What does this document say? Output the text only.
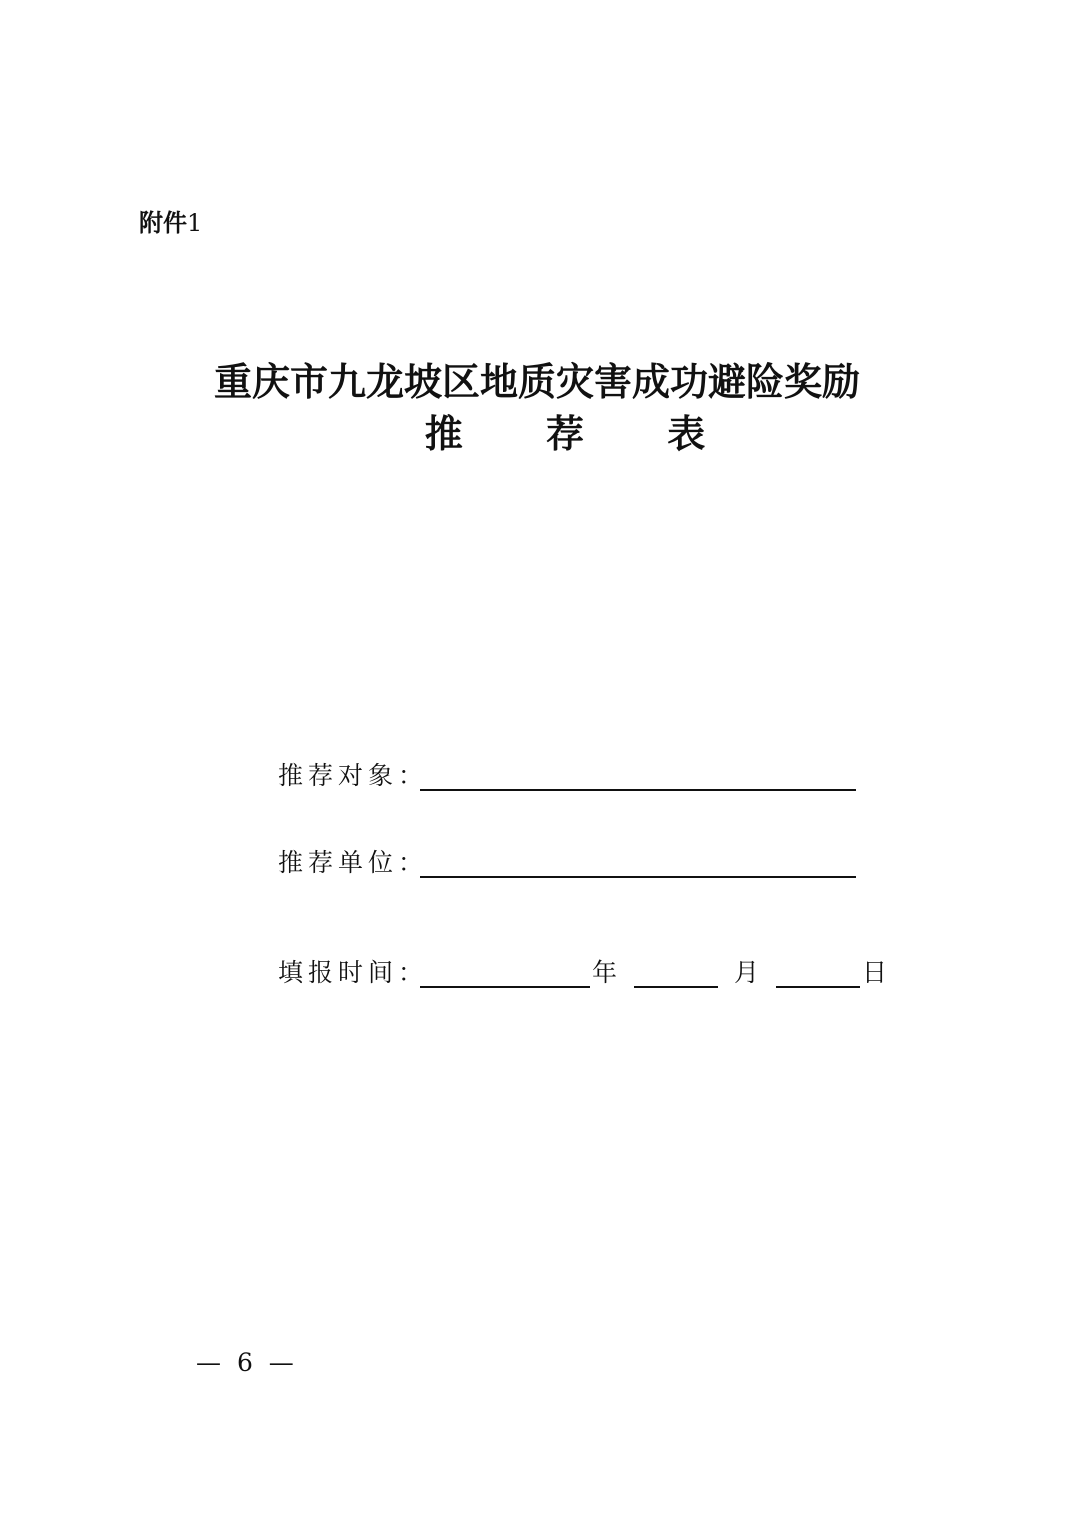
附件1
重庆市九龙坡区地质灾害成功避险奖励
推 荐 表
推荐对象：
推荐单位：
填报时间：	年	月	日
— 6 —
